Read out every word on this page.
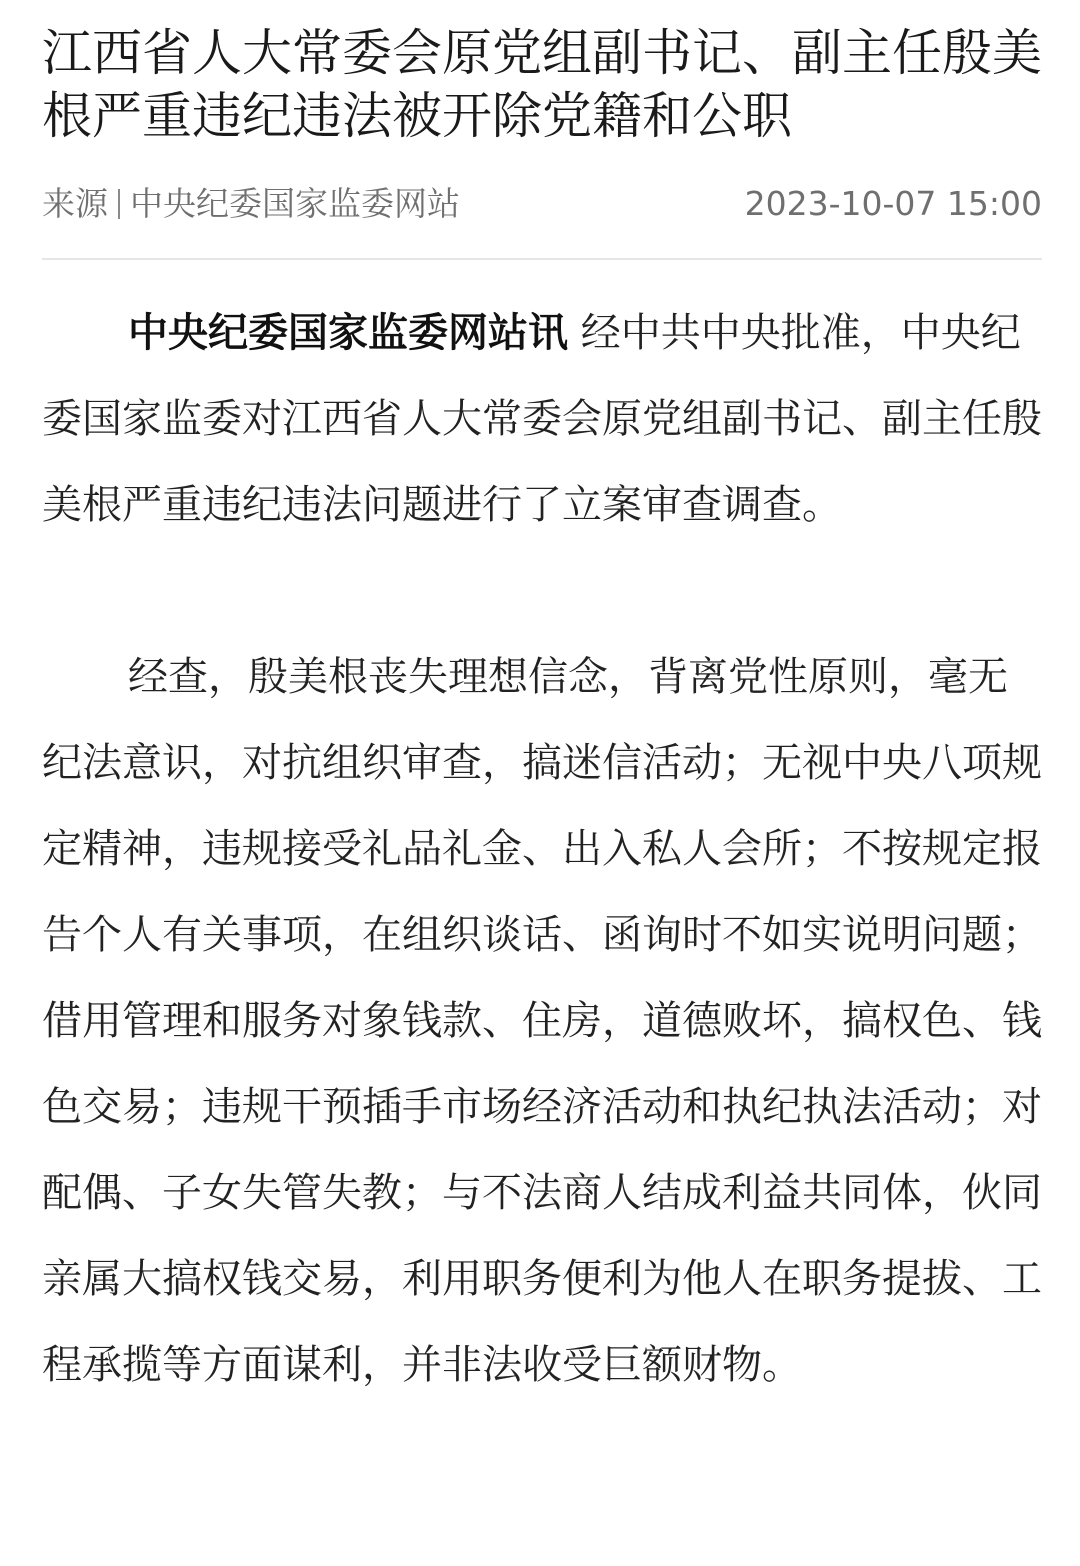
江西省人大常委会原党组副书记、副主任殷美根严重违纪违法被开除党籍和公职
来源 中央纪委国家监委网站	2023-10-07 15:00

中央纪委国家监委网站讯 经中共中央批准，中央纪委国家监委对江西省人大常委会原党组副书记、副主任殷美根严重违纪违法问题进行了立案审查调查。

经查，殷美根丧失理想信念，背离党性原则，毫无纪法意识，对抗组织审查，搞迷信活动；无视中央八项规定精神，违规接受礼品礼金、出入私人会所；不按规定报告个人有关事项，在组织谈话、函询时不如实说明问题；借用管理和服务对象钱款、住房，道德败坏，搞权色、钱色交易；违规干预插手市场经济活动和执纪执法活动；对配偶、子女失管失教；与不法商人结成利益共同体，伙同亲属大搞权钱交易，利用职务便利为他人在职务提拔、工程承揽等方面谋利，并非法收受巨额财物。
